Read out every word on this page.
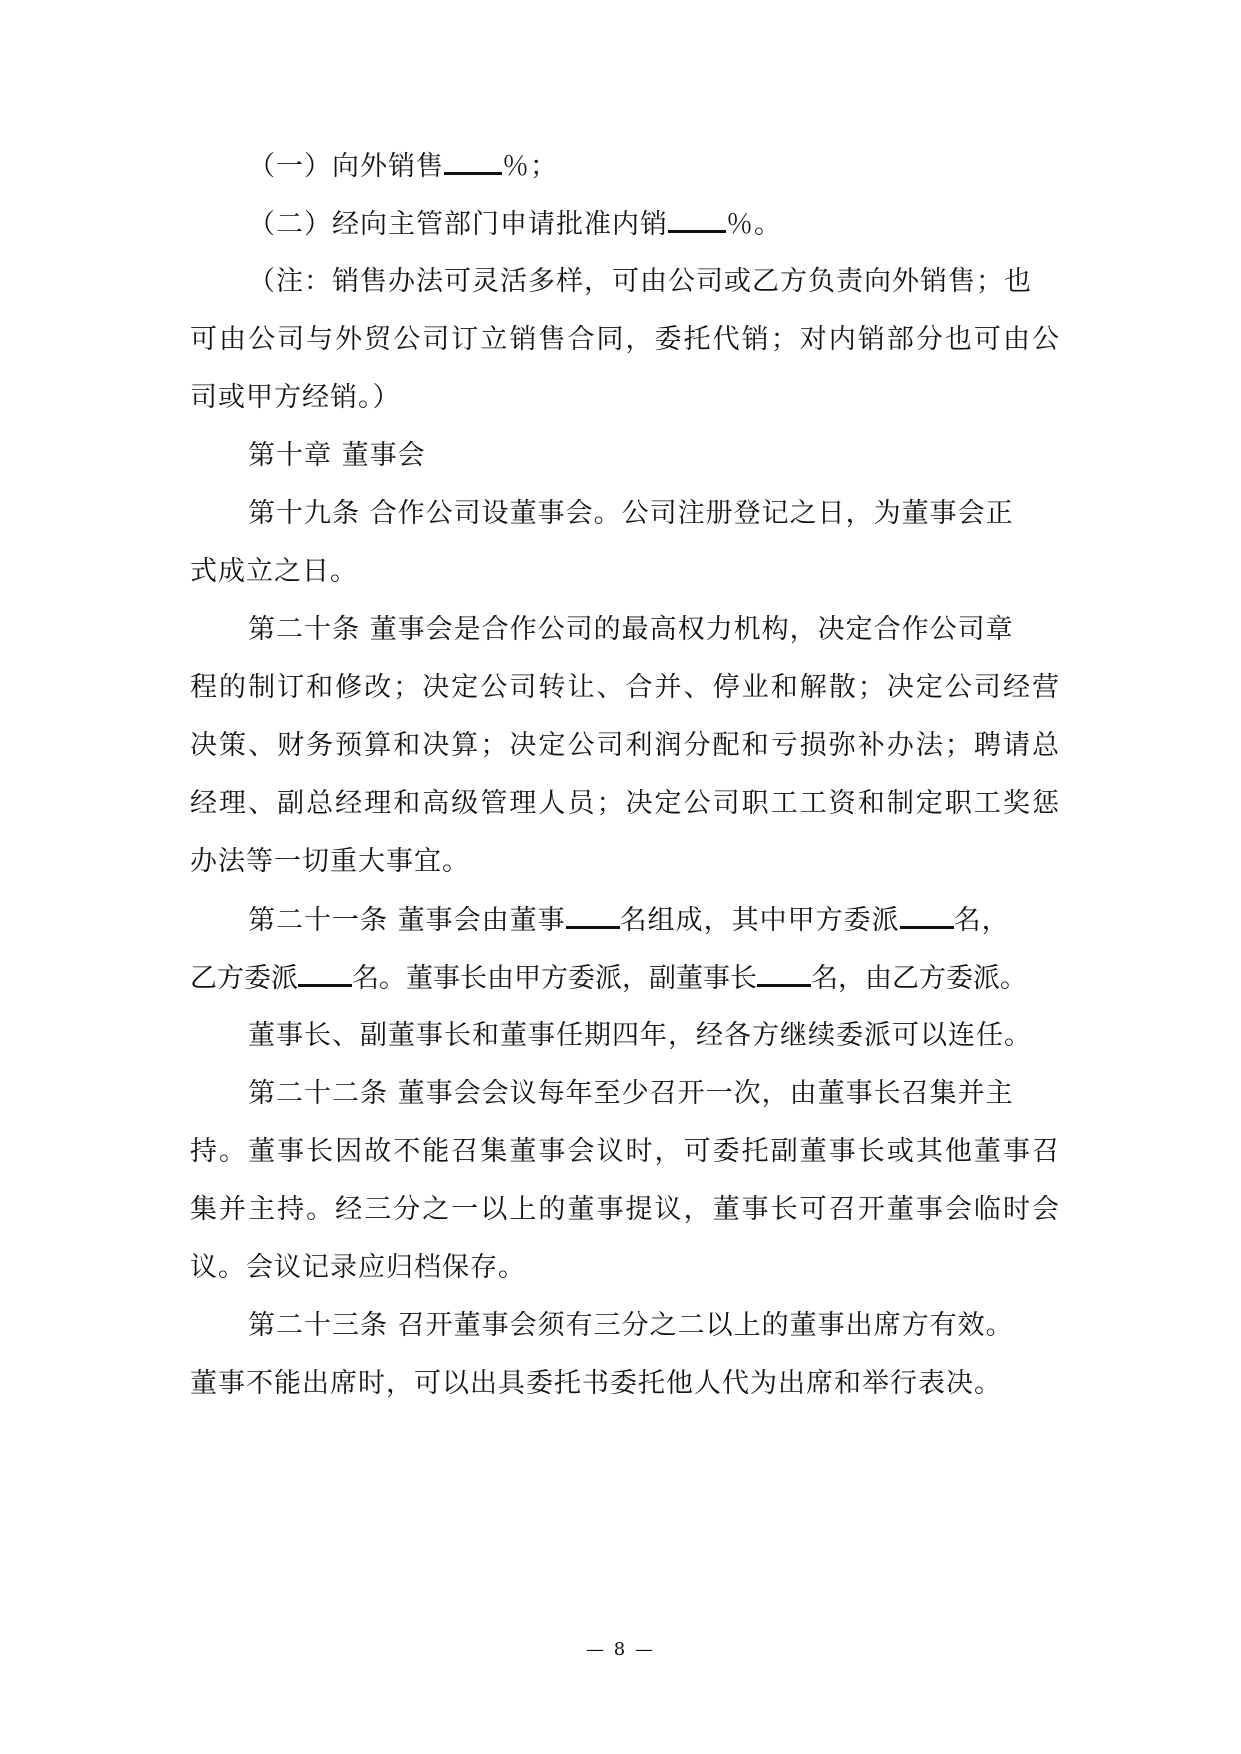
（一）向外销售 ％；
（二）经向主管部门申请批准内销 ％。
（注：销售办法可灵活多样，可由公司或乙方负责向外销售；也
可由公司与外贸公司订立销售合同，委托代销；对内销部分也可由公
司或甲方经销。）
第十章 董事会
第十九条 合作公司设董事会。公司注册登记之日，为董事会正
式成立之日。
第二十条 董事会是合作公司的最高权力机构，决定合作公司章
程的制订和修改；决定公司转让、合并、停业和解散；决定公司经营
决策、财务预算和决算；决定公司利润分配和亏损弥补办法；聘请总
经理、副总经理和高级管理人员；决定公司职工工资和制定职工奖惩
办法等一切重大事宜。
第二十一条 董事会由董事 名组成，其中甲方委派 名，
乙方委派 名。董事长由甲方委派，副董事长 名，由乙方委派。
董事长、副董事长和董事任期四年，经各方继续委派可以连任。
第二十二条 董事会会议每年至少召开一次，由董事长召集并主
持。董事长因故不能召集董事会议时，可委托副董事长或其他董事召
集并主持。经三分之一以上的董事提议，董事长可召开董事会临时会
议。会议记录应归档保存。
第二十三条 召开董事会须有三分之二以上的董事出席方有效。
董事不能出席时，可以出具委托书委托他人代为出席和举行表决。
— 8 —
